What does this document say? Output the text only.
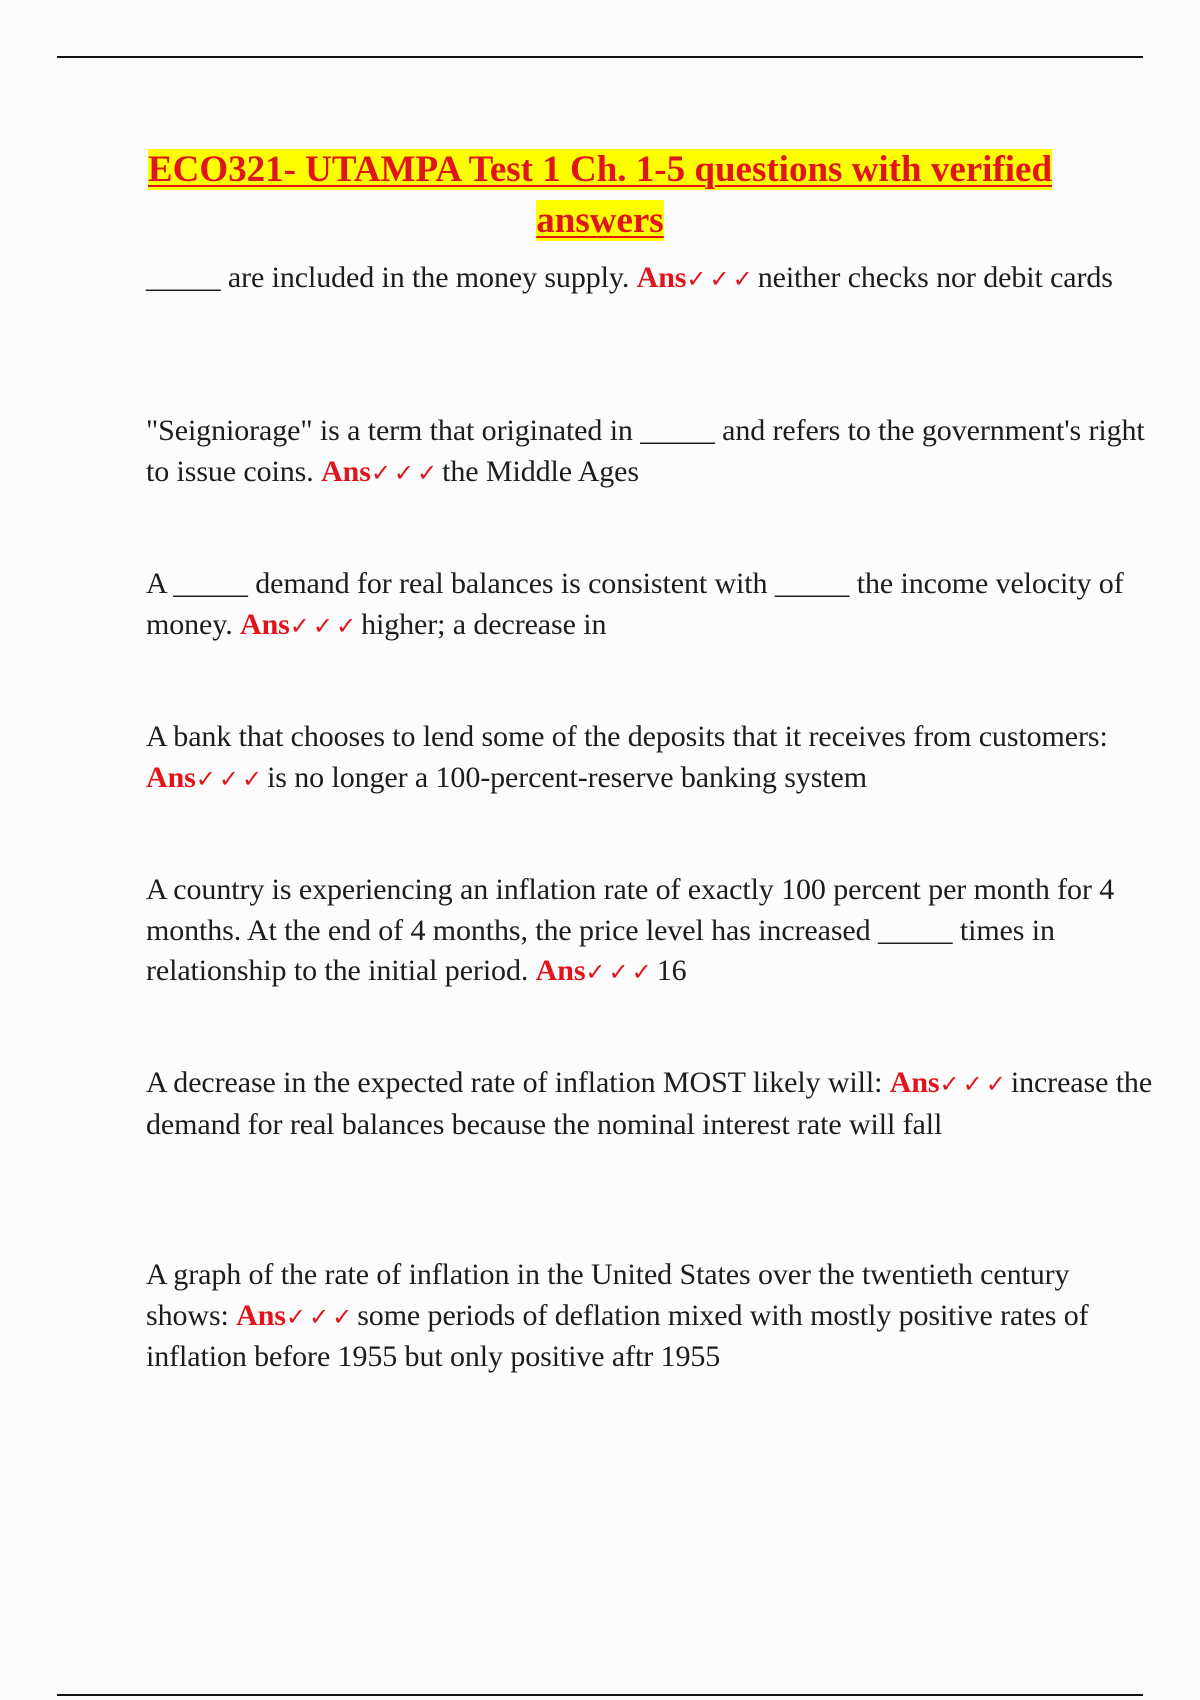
ECO321- UTAMPA Test 1 Ch. 1-5 questions with verified answers

_____ are included in the money supply. Ans✓✓✓neither checks nor debit cards

"Seigniorage" is a term that originated in _____ and refers to the government's right to issue coins. Ans✓✓✓the Middle Ages

A _____ demand for real balances is consistent with _____ the income velocity of money. Ans✓✓✓higher; a decrease in

A bank that chooses to lend some of the deposits that it receives from customers: Ans✓✓✓is no longer a 100-percent-reserve banking system

A country is experiencing an inflation rate of exactly 100 percent per month for 4 months. At the end of 4 months, the price level has increased _____ times in relationship to the initial period. Ans✓✓✓16

A decrease in the expected rate of inflation MOST likely will: Ans✓✓✓increase the demand for real balances because the nominal interest rate will fall

A graph of the rate of inflation in the United States over the twentieth century shows: Ans✓✓✓some periods of deflation mixed with mostly positive rates of inflation before 1955 but only positive aftr 1955
